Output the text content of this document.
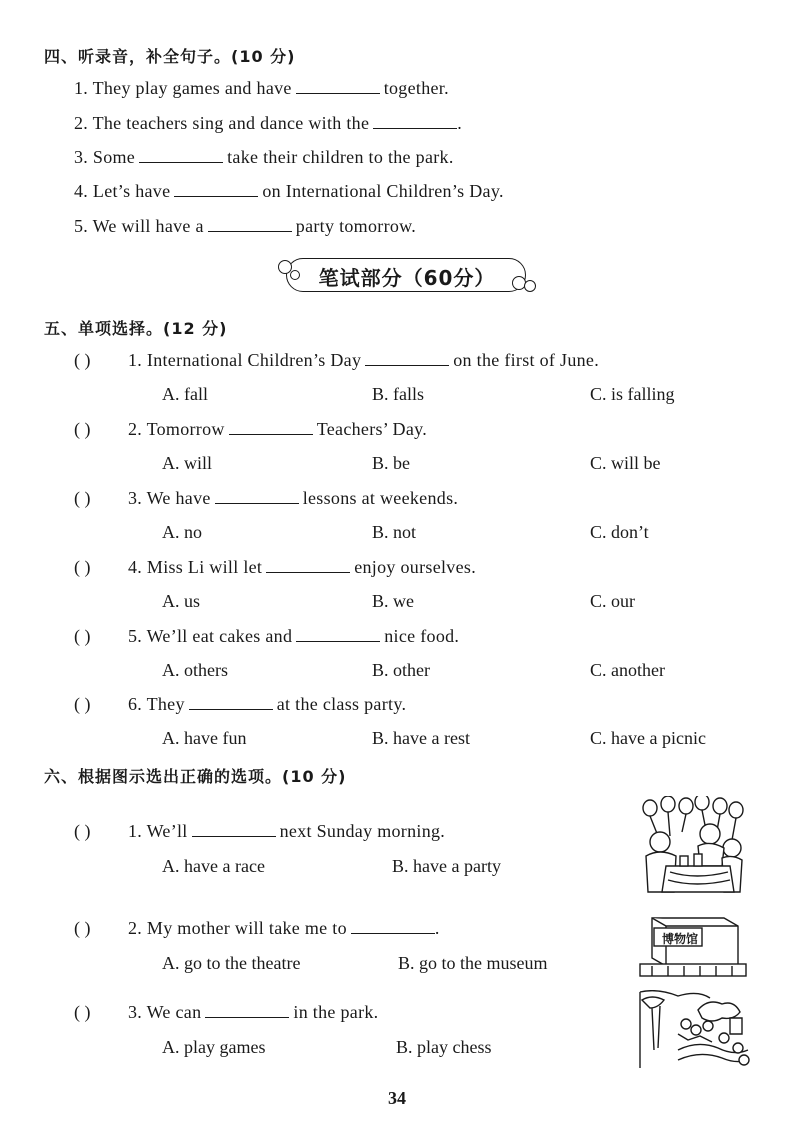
四、听录音，补全句子。(10 分)
1. They play games and have	together.
2. The teachers sing and dance with the	.
3. Some	take their children to the park.
4. Let’s have	on International Children’s Day.
5. We will have a	party tomorrow.
笔试部分（60分）
五、单项选择。(12 分)
( ) 1. International Children’s Day	on the first of June.
A. fall	B. falls	C. is falling
( ) 2. Tomorrow	Teachers’ Day.
A. will	B. be	C. will be
( ) 3. We have	lessons at weekends.
A. no	B. not	C. don’t
( ) 4. Miss Li will let	enjoy ourselves.
A. us	B. we	C. our
( ) 5. We’ll eat cakes and	nice food.
A. others	B. other	C. another
( ) 6. They	at the class party.
A. have fun	B. have a rest	C. have a picnic
六、根据图示选出正确的选项。(10 分)
( ) 1. We’ll	next Sunday morning.
A. have a race	B. have a party
( ) 2. My mother will take me to	.
A. go to the theatre	B. go to the museum
( ) 3. We can	in the park.
A. play games	B. play chess
博物馆
34
